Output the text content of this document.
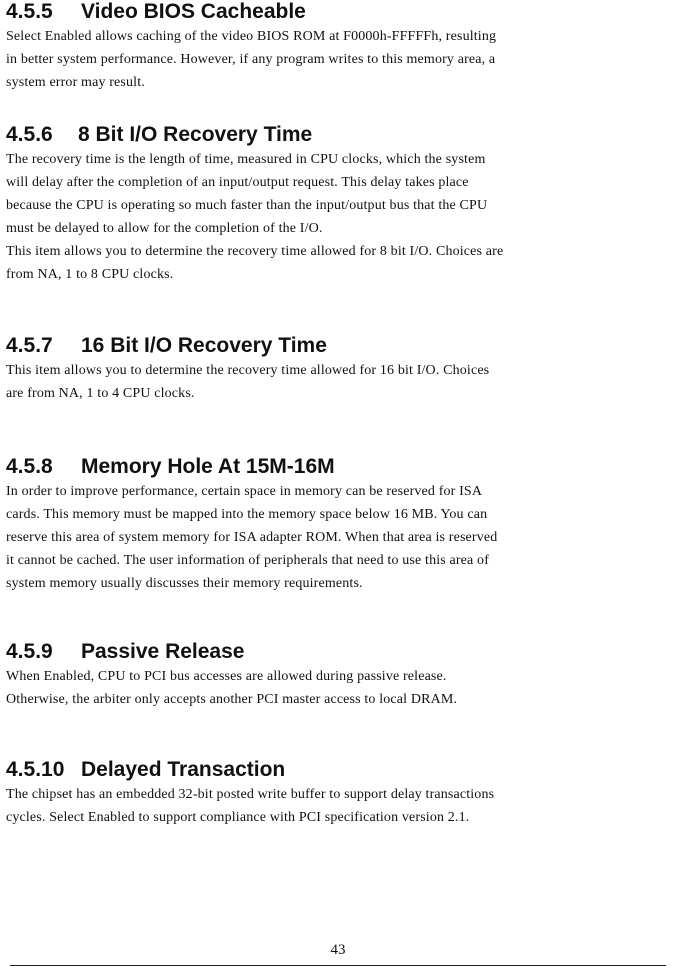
4.5.5 Video BIOS Cacheable

Select Enabled allows caching of the video BIOS ROM at F0000h-FFFFFh, resulting
in better system performance. However, if any program writes to this memory area, a
system error may result.

4.5.6 8 Bit I/O Recovery Time

The recovery time is the length of time, measured in CPU clocks, which the system
will delay after the completion of an input/output request. This delay takes place
because the CPU is operating so much faster than the input/output bus that the CPU
must be delayed to allow for the completion of the I/O.
This item allows you to determine the recovery time allowed for 8 bit I/O. Choices are
from NA, 1 to 8 CPU clocks.

4.5.7 16 Bit I/O Recovery Time

This item allows you to determine the recovery time allowed for 16 bit I/O. Choices
are from NA, 1 to 4 CPU clocks.

4.5.8 Memory Hole At 15M-16M

In order to improve performance, certain space in memory can be reserved for ISA
cards. This memory must be mapped into the memory space below 16 MB. You can
reserve this area of system memory for ISA adapter ROM. When that area is reserved
it cannot be cached. The user information of peripherals that need to use this area of
system memory usually discusses their memory requirements.

4.5.9 Passive Release

When Enabled, CPU to PCI bus accesses are allowed during passive release.
Otherwise, the arbiter only accepts another PCI master access to local DRAM.

4.5.10 Delayed Transaction

The chipset has an embedded 32-bit posted write buffer to support delay transactions
cycles. Select Enabled to support compliance with PCI specification version 2.1.

43
